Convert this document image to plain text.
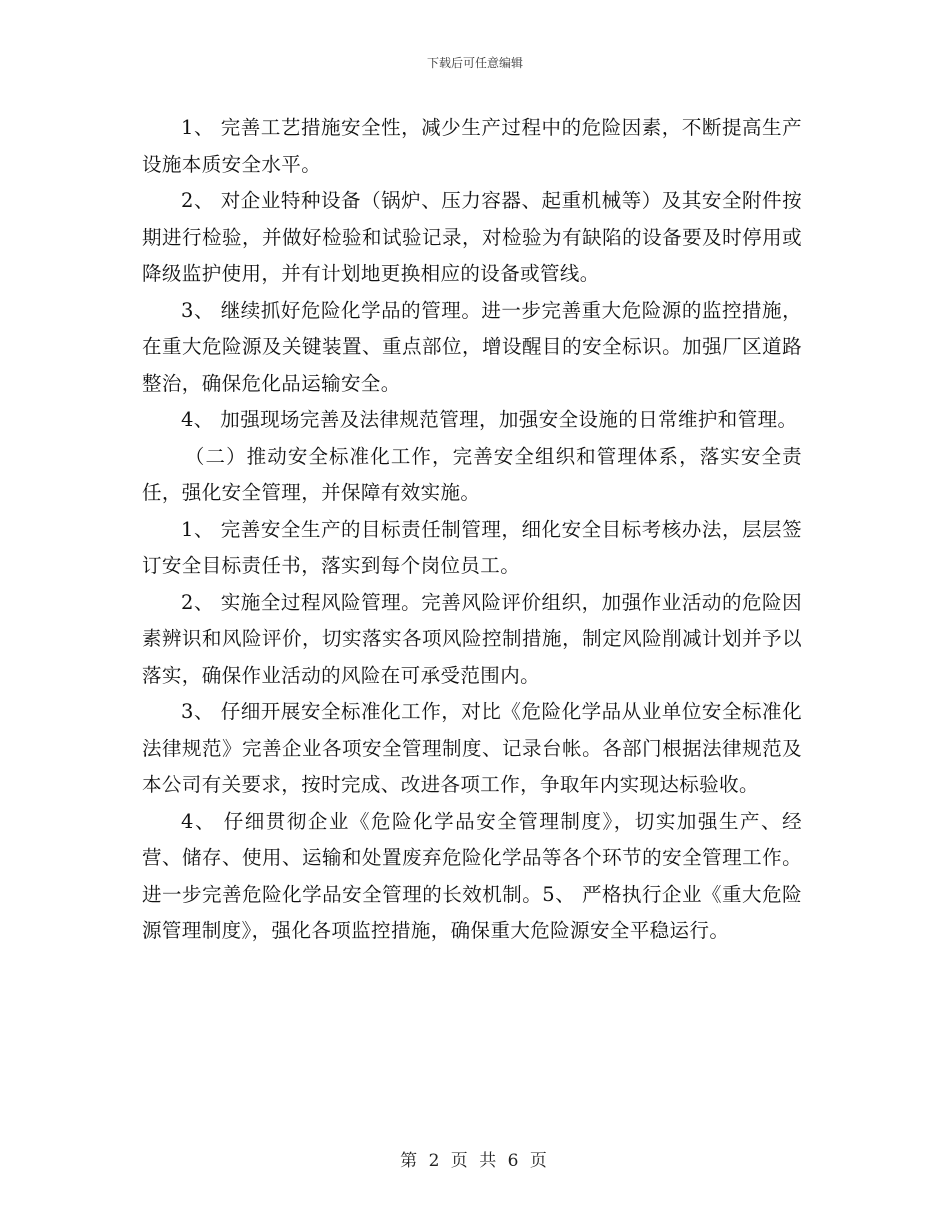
下载后可任意编辑

1、 完善工艺措施安全性，减少生产过程中的危险因素，不断提高生产设施本质安全水平。

2、 对企业特种设备（锅炉、压力容器、起重机械等）及其安全附件按期进行检验，并做好检验和试验记录，对检验为有缺陷的设备要及时停用或降级监护使用，并有计划地更换相应的设备或管线。

3、 继续抓好危险化学品的管理。进一步完善重大危险源的监控措施，在重大危险源及关键装置、重点部位，增设醒目的安全标识。加强厂区道路整治，确保危化品运输安全。

4、 加强现场完善及法律规范管理，加强安全设施的日常维护和管理。

（二）推动安全标准化工作，完善安全组织和管理体系，落实安全责任，强化安全管理，并保障有效实施。

1、 完善安全生产的目标责任制管理，细化安全目标考核办法，层层签订安全目标责任书，落实到每个岗位员工。

2、 实施全过程风险管理。完善风险评价组织，加强作业活动的危险因素辨识和风险评价，切实落实各项风险控制措施，制定风险削减计划并予以落实，确保作业活动的风险在可承受范围内。

3、 仔细开展安全标准化工作，对比《危险化学品从业单位安全标准化法律规范》完善企业各项安全管理制度、记录台帐。各部门根据法律规范及本公司有关要求，按时完成、改进各项工作，争取年内实现达标验收。

4、 仔细贯彻企业《危险化学品安全管理制度》，切实加强生产、经营、储存、使用、运输和处置废弃危险化学品等各个环节的安全管理工作。进一步完善危险化学品安全管理的长效机制。5、 严格执行企业《重大危险源管理制度》，强化各项监控措施，确保重大危险源安全平稳运行。

第 2 页 共 6 页
